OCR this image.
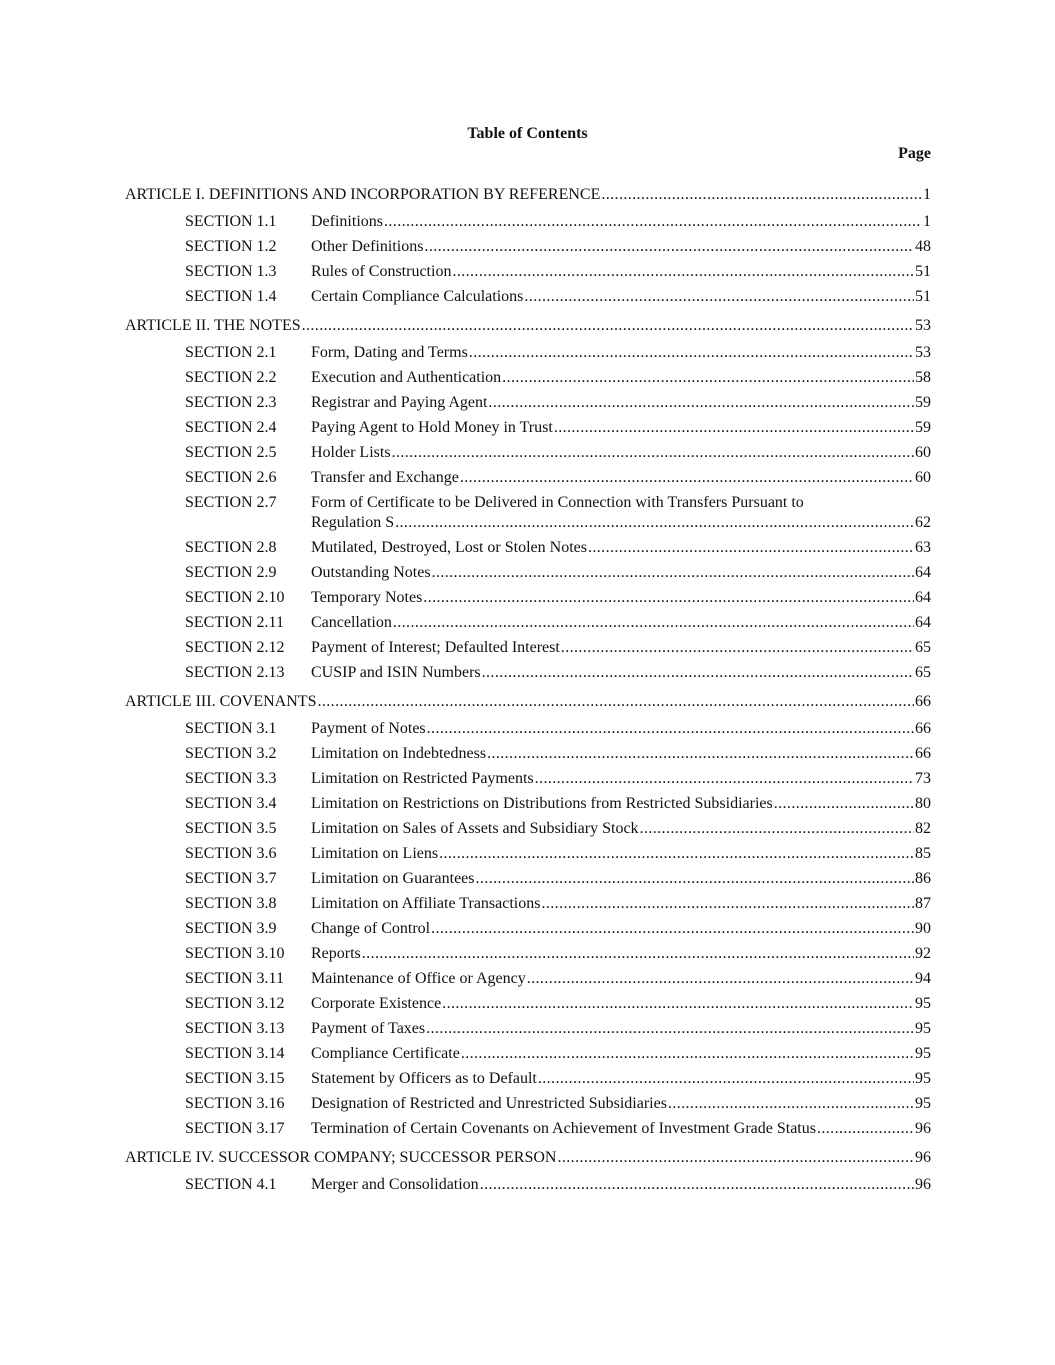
Table of Contents
Page
ARTICLE I. DEFINITIONS AND INCORPORATION BY REFERENCE .....	1
SECTION 1.1	Definitions .....	1
SECTION 1.2	Other Definitions .....	48
SECTION 1.3	Rules of Construction .....	51
SECTION 1.4	Certain Compliance Calculations .....	51
ARTICLE II. THE NOTES .....	53
SECTION 2.1	Form, Dating and Terms .....	53
SECTION 2.2	Execution and Authentication .....	58
SECTION 2.3	Registrar and Paying Agent .....	59
SECTION 2.4	Paying Agent to Hold Money in Trust .....	59
SECTION 2.5	Holder Lists .....	60
SECTION 2.6	Transfer and Exchange .....	60
SECTION 2.7	Form of Certificate to be Delivered in Connection with Transfers Pursuant to
Regulation S .....	62
SECTION 2.8	Mutilated, Destroyed, Lost or Stolen Notes .....	63
SECTION 2.9	Outstanding Notes .....	64
SECTION 2.10	Temporary Notes .....	64
SECTION 2.11	Cancellation .....	64
SECTION 2.12	Payment of Interest; Defaulted Interest .....	65
SECTION 2.13	CUSIP and ISIN Numbers .....	65
ARTICLE III. COVENANTS .....	66
SECTION 3.1	Payment of Notes .....	66
SECTION 3.2	Limitation on Indebtedness .....	66
SECTION 3.3	Limitation on Restricted Payments .....	73
SECTION 3.4	Limitation on Restrictions on Distributions from Restricted Subsidiaries .....	80
SECTION 3.5	Limitation on Sales of Assets and Subsidiary Stock .....	82
SECTION 3.6	Limitation on Liens .....	85
SECTION 3.7	Limitation on Guarantees .....	86
SECTION 3.8	Limitation on Affiliate Transactions .....	87
SECTION 3.9	Change of Control .....	90
SECTION 3.10	Reports .....	92
SECTION 3.11	Maintenance of Office or Agency .....	94
SECTION 3.12	Corporate Existence .....	95
SECTION 3.13	Payment of Taxes .....	95
SECTION 3.14	Compliance Certificate .....	95
SECTION 3.15	Statement by Officers as to Default .....	95
SECTION 3.16	Designation of Restricted and Unrestricted Subsidiaries .....	95
SECTION 3.17	Termination of Certain Covenants on Achievement of Investment Grade Status .....	96
ARTICLE IV. SUCCESSOR COMPANY; SUCCESSOR PERSON .....	96
SECTION 4.1	Merger and Consolidation .....	96
